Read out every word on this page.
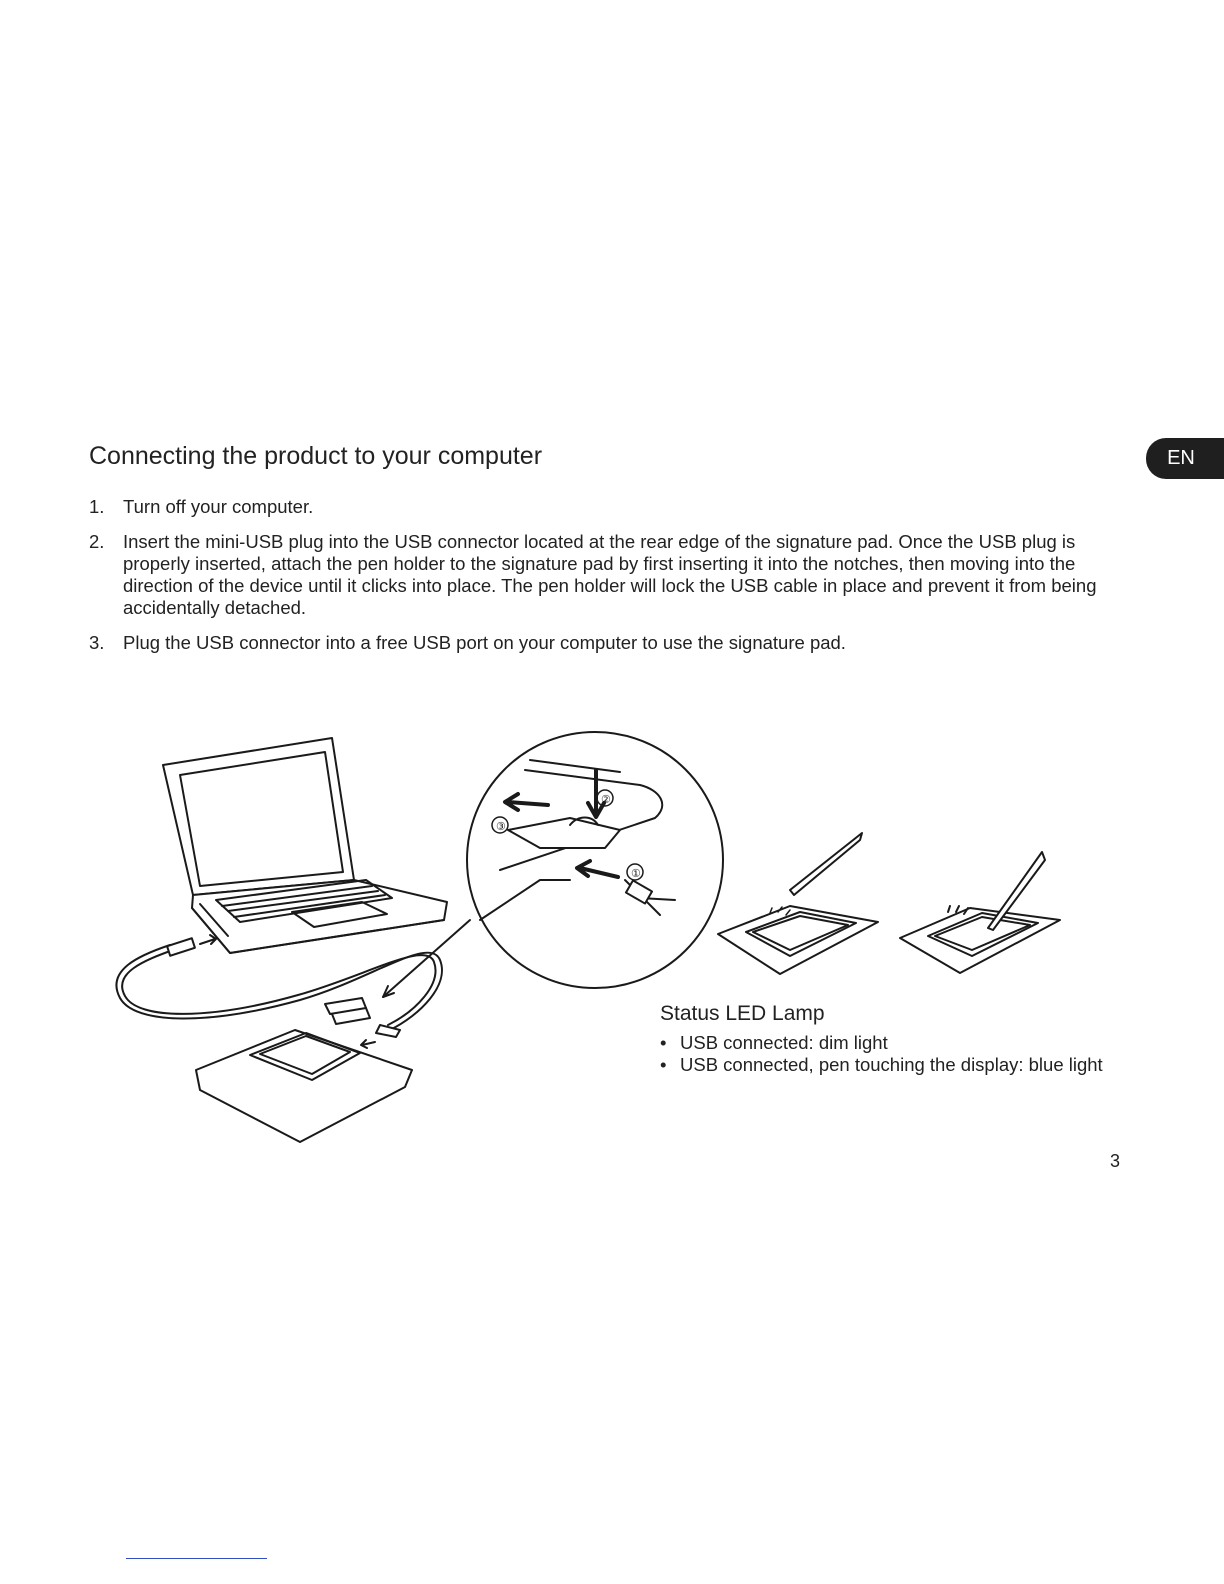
EN
Connecting the product to your computer
1. Turn off your computer.
2. Insert the mini-USB plug into the USB connector located at the rear edge of the signature pad. Once the USB plug is properly inserted, attach the pen holder to the signature pad by first inserting it into the notches, then moving into the direction of the device until it clicks into place. The pen holder will lock the USB cable in place and prevent it from being accidentally detached.
3. Plug the USB connector into a free USB port on your computer to use the signature pad.
②
③
①
Status LED Lamp
• USB connected: dim light
• USB connected, pen touching the display: blue light
3
